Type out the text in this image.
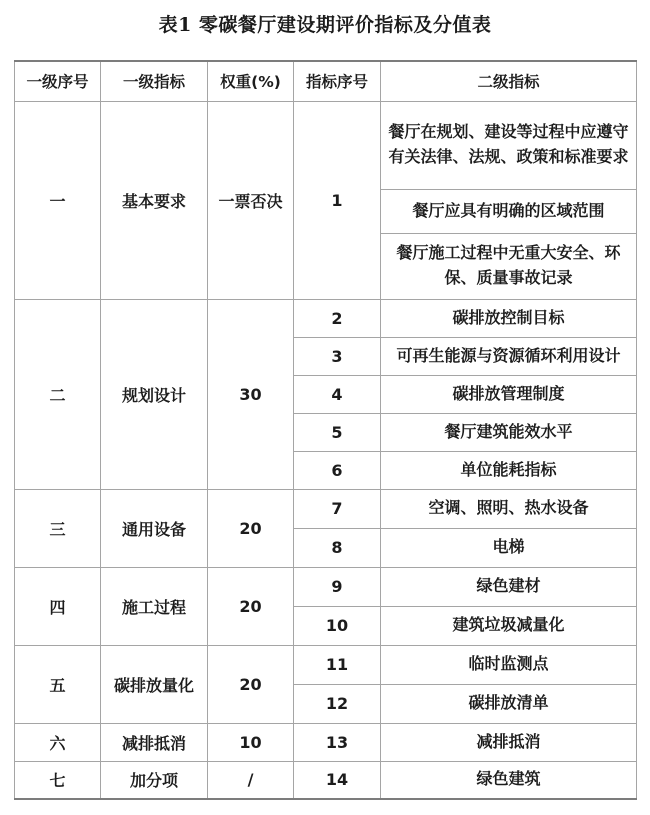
表1 零碳餐厅建设期评价指标及分值表
一级序号	一级指标	权重(%)	指标序号	二级指标
一	基本要求	一票否决	1	餐厅在规划、建设等过程中应遵守有关法律、法规、政策和标准要求
				餐厅应具有明确的区域范围
				餐厅施工过程中无重大安全、环保、质量事故记录
二	规划设计	30	2	碳排放控制目标
			3	可再生能源与资源循环利用设计
			4	碳排放管理制度
			5	餐厅建筑能效水平
			6	单位能耗指标
三	通用设备	20	7	空调、照明、热水设备
			8	电梯
四	施工过程	20	9	绿色建材
			10	建筑垃圾减量化
五	碳排放量化	20	11	临时监测点
			12	碳排放清单
六	减排抵消	10	13	减排抵消
七	加分项	/	14	绿色建筑
